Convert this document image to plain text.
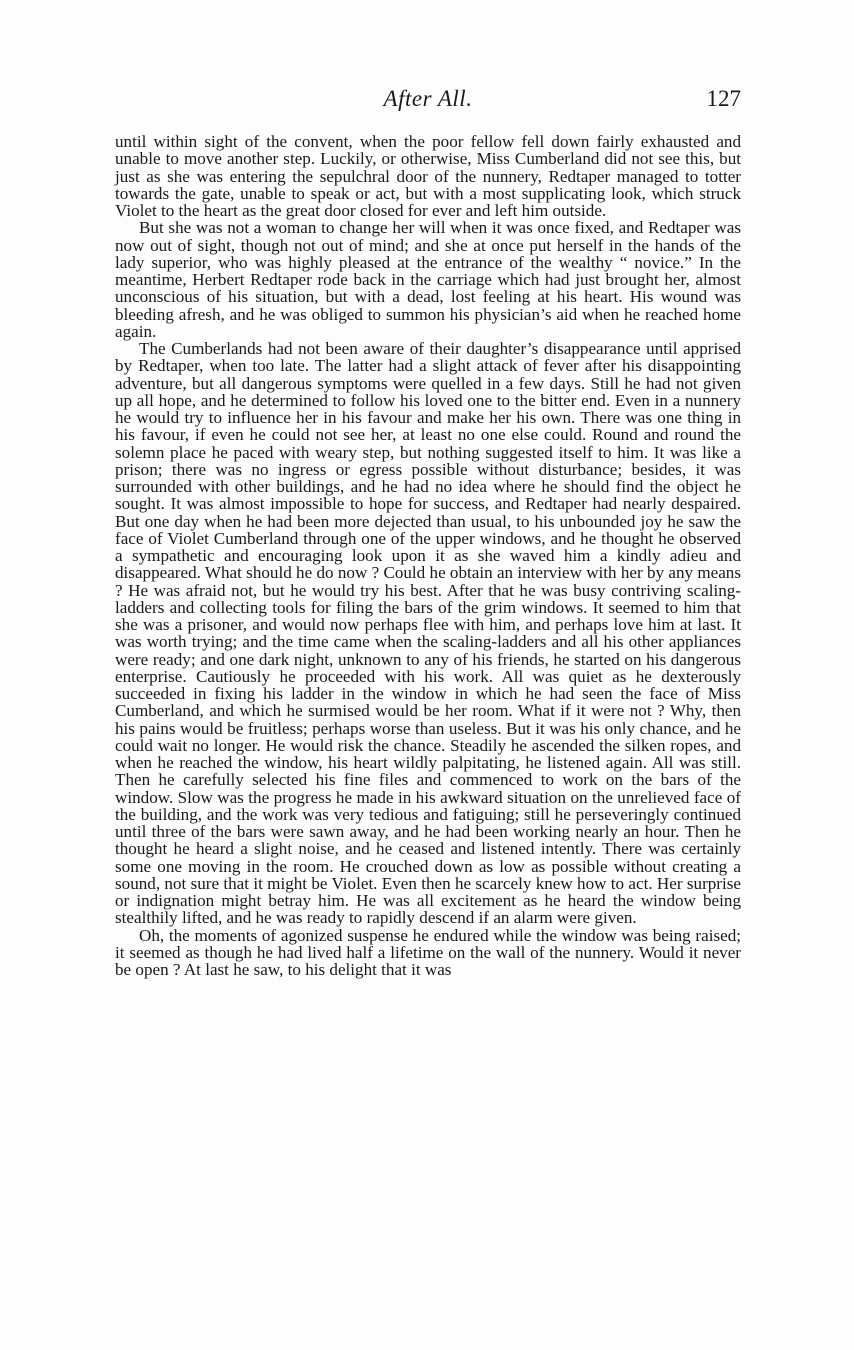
After All.	127

until within sight of the convent, when the poor fellow fell down fairly exhausted and unable to move another step. Luckily, or otherwise, Miss Cumberland did not see this, but just as she was entering the sepulchral door of the nunnery, Redtaper managed to totter towards the gate, unable to speak or act, but with a most supplicating look, which struck Violet to the heart as the great door closed for ever and left him outside.

But she was not a woman to change her will when it was once fixed, and Redtaper was now out of sight, though not out of mind; and she at once put herself in the hands of the lady superior, who was highly pleased at the entrance of the wealthy “ novice.” In the meantime, Herbert Redtaper rode back in the carriage which had just brought her, almost unconscious of his situation, but with a dead, lost feeling at his heart. His wound was bleeding afresh, and he was obliged to summon his physician’s aid when he reached home again.

The Cumberlands had not been aware of their daughter’s disappearance until apprised by Redtaper, when too late. The latter had a slight attack of fever after his disappointing adventure, but all dangerous symptoms were quelled in a few days. Still he had not given up all hope, and he determined to follow his loved one to the bitter end. Even in a nunnery he would try to influence her in his favour and make her his own. There was one thing in his favour, if even he could not see her, at least no one else could. Round and round the solemn place he paced with weary step, but nothing suggested itself to him. It was like a prison; there was no ingress or egress possible without disturbance; besides, it was surrounded with other buildings, and he had no idea where he should find the object he sought. It was almost impossible to hope for success, and Redtaper had nearly despaired. But one day when he had been more dejected than usual, to his unbounded joy he saw the face of Violet Cumberland through one of the upper windows, and he thought he observed a sympathetic and encouraging look upon it as she waved him a kindly adieu and disappeared. What should he do now ? Could he obtain an interview with her by any means ? He was afraid not, but he would try his best. After that he was busy contriving scaling-ladders and collecting tools for filing the bars of the grim windows. It seemed to him that she was a prisoner, and would now perhaps flee with him, and perhaps love him at last. It was worth trying; and the time came when the scaling-ladders and all his other appliances were ready; and one dark night, unknown to any of his friends, he started on his dangerous enterprise. Cautiously he proceeded with his work. All was quiet as he dexterously succeeded in fixing his ladder in the window in which he had seen the face of Miss Cumberland, and which he surmised would be her room. What if it were not ? Why, then his pains would be fruitless; perhaps worse than useless. But it was his only chance, and he could wait no longer. He would risk the chance. Steadily he ascended the silken ropes, and when he reached the window, his heart wildly palpitating, he listened again. All was still. Then he carefully selected his fine files and commenced to work on the bars of the window. Slow was the progress he made in his awkward situation on the unrelieved face of the building, and the work was very tedious and fatiguing; still he perseveringly continued until three of the bars were sawn away, and he had been working nearly an hour. Then he thought he heard a slight noise, and he ceased and listened intently. There was certainly some one moving in the room. He crouched down as low as possible without creating a sound, not sure that it might be Violet. Even then he scarcely knew how to act. Her surprise or indignation might betray him. He was all excitement as he heard the window being stealthily lifted, and he was ready to rapidly descend if an alarm were given.

Oh, the moments of agonized suspense he endured while the window was being raised; it seemed as though he had lived half a lifetime on the wall of the nunnery. Would it never be open ? At last he saw, to his delight that it was
